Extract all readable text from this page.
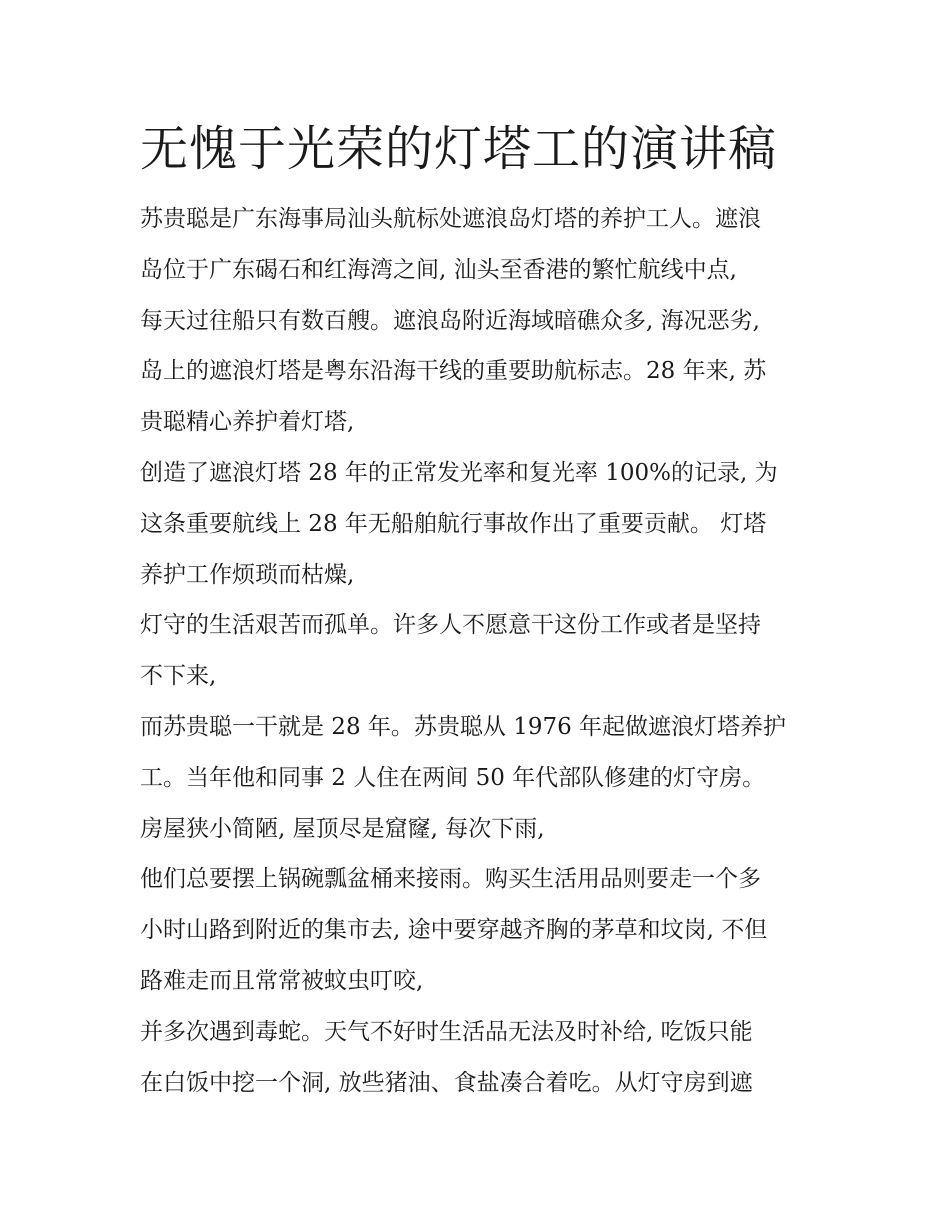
无愧于光荣的灯塔工的演讲稿
苏贵聪是广东海事局汕头航标处遮浪岛灯塔的养护工人。遮浪
岛位于广东碣石和红海湾之间, 汕头至香港的繁忙航线中点,
每天过往船只有数百艘。遮浪岛附近海域暗礁众多, 海况恶劣,
岛上的遮浪灯塔是粤东沿海干线的重要助航标志。28 年来, 苏
贵聪精心养护着灯塔,
创造了遮浪灯塔 28 年的正常发光率和复光率 100%的记录, 为
这条重要航线上 28 年无船舶航行事故作出了重要贡献。 灯塔
养护工作烦琐而枯燥,
灯守的生活艰苦而孤单。许多人不愿意干这份工作或者是坚持
不下来,
而苏贵聪一干就是 28 年。苏贵聪从 1976 年起做遮浪灯塔养护
工。当年他和同事 2 人住在两间 50 年代部队修建的灯守房。
房屋狭小简陋, 屋顶尽是窟窿, 每次下雨,
他们总要摆上锅碗瓢盆桶来接雨。购买生活用品则要走一个多
小时山路到附近的集市去, 途中要穿越齐胸的茅草和坟岗, 不但
路难走而且常常被蚊虫叮咬,
并多次遇到毒蛇。天气不好时生活品无法及时补给, 吃饭只能
在白饭中挖一个洞, 放些猪油、食盐凑合着吃。从灯守房到遮
